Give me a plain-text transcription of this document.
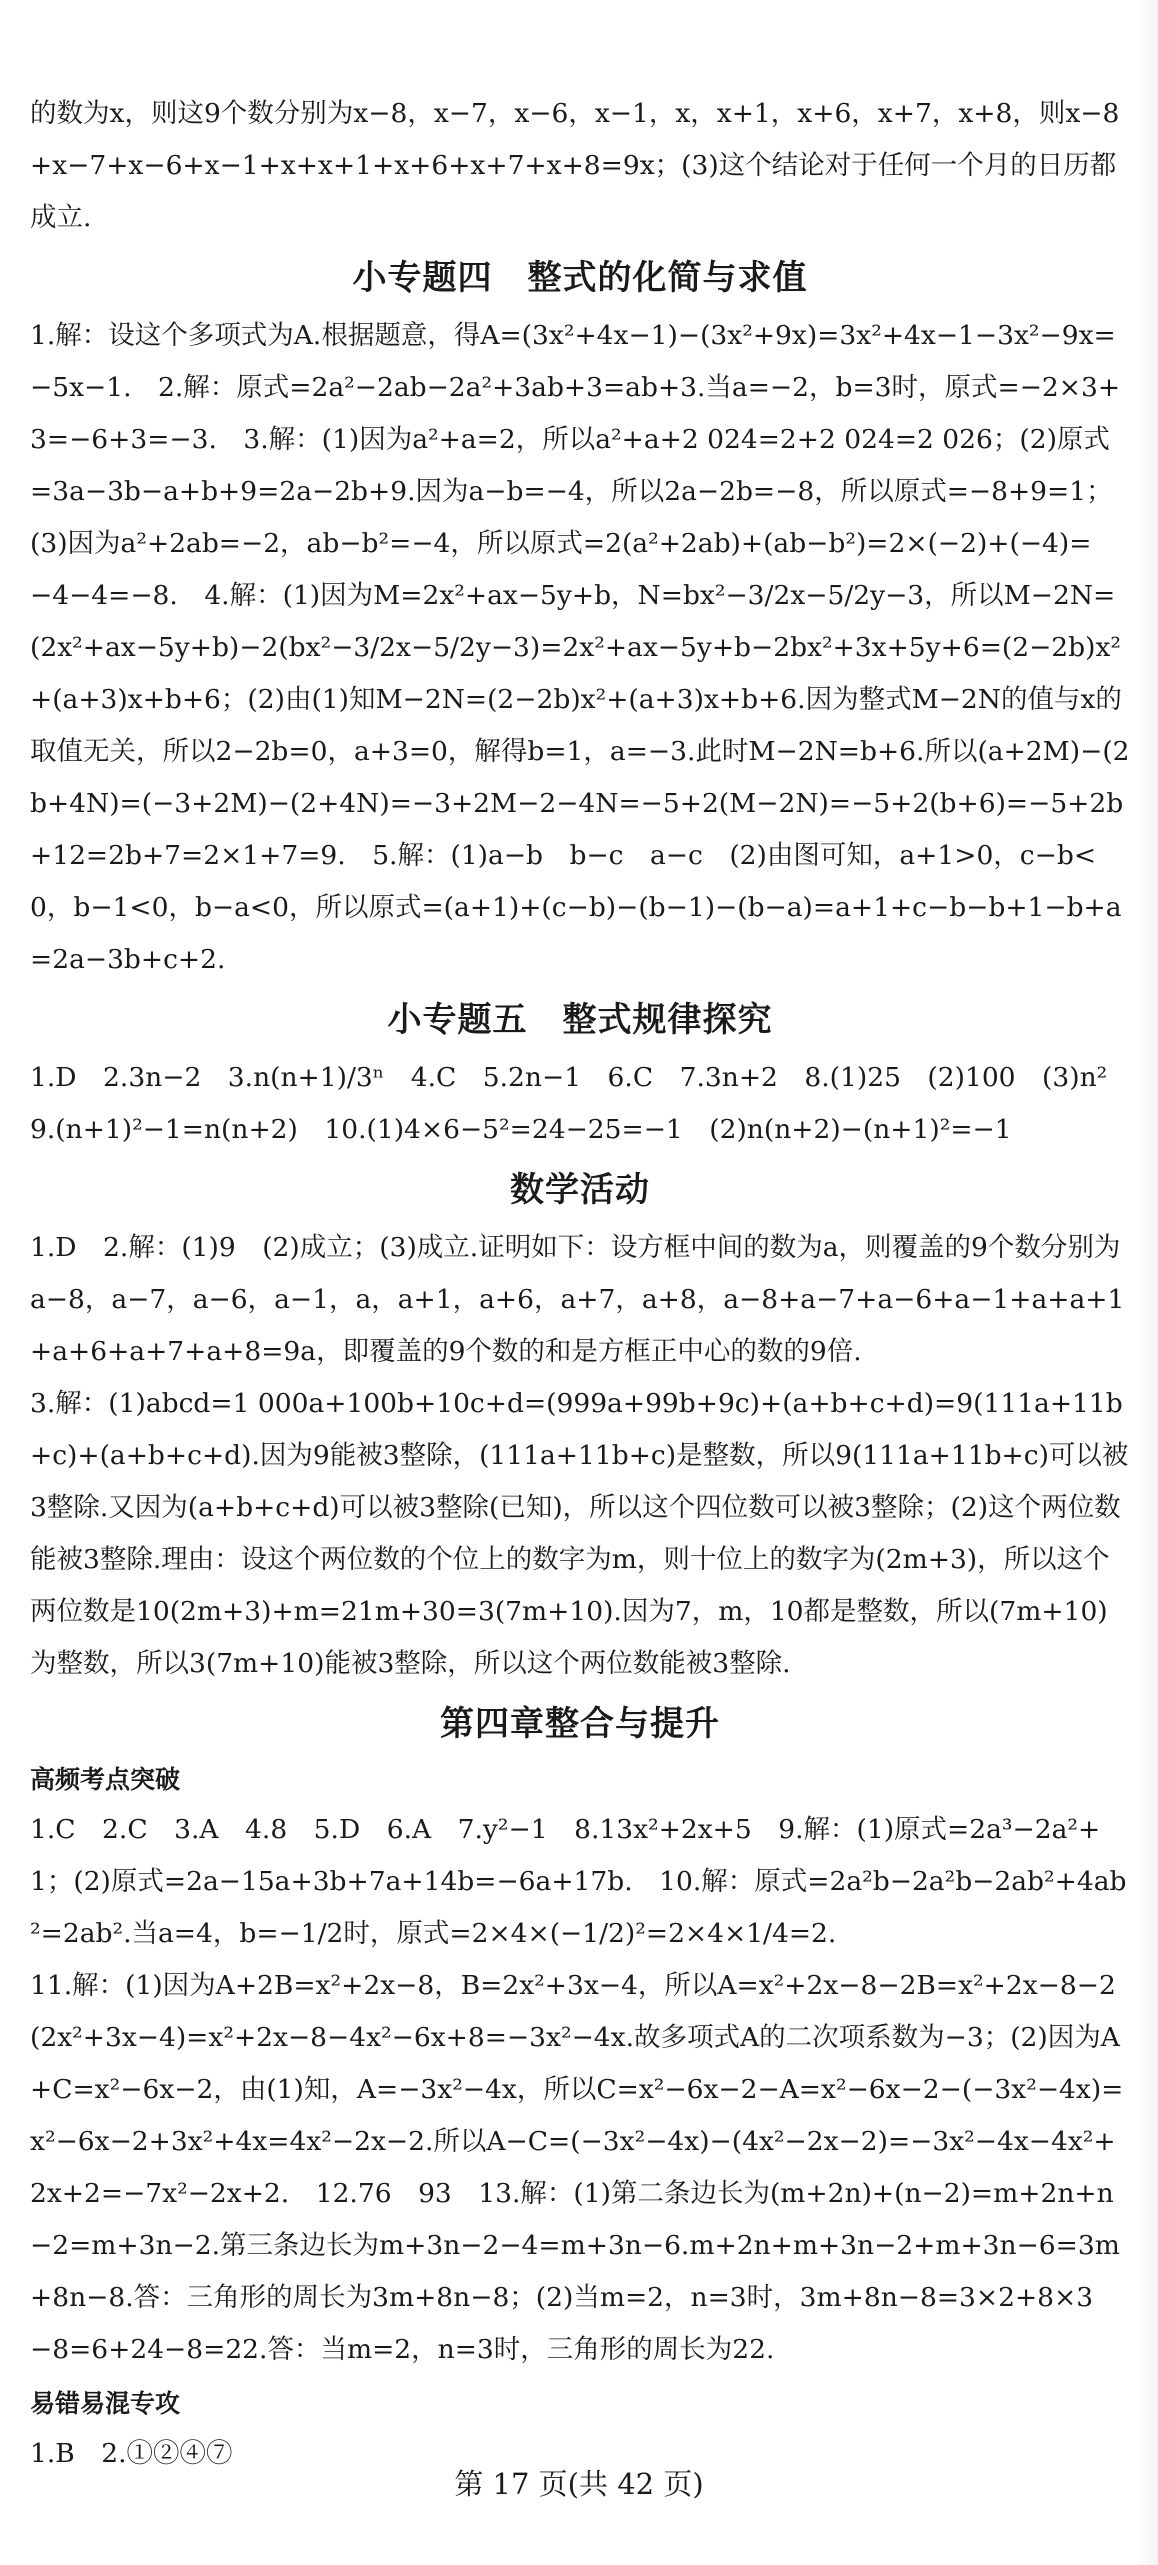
的数为x，则这9个数分别为x−8，x−7，x−6，x−1，x，x+1，x+6，x+7，x+8，则x−8+x−7+x−6+x−1+x+x+1+x+6+x+7+x+8=9x；(3)这个结论对于任何一个月的日历都成立.

小专题四　整式的化简与求值

1.解：设这个多项式为A.根据题意，得A=(3x²+4x−1)−(3x²+9x)=3x²+4x−1−3x²−9x=−5x−1.　2.解：原式=2a²−2ab−2a²+3ab+3=ab+3.当a=−2，b=3时，原式=−2×3+3=−6+3=−3.　3.解：(1)因为a²+a=2，所以a²+a+2 024=2+2 024=2 026；(2)原式=3a−3b−a+b+9=2a−2b+9.因为a−b=−4，所以2a−2b=−8，所以原式=−8+9=1；(3)因为a²+2ab=−2，ab−b²=−4，所以原式=2(a²+2ab)+(ab−b²)=2×(−2)+(−4)=−4−4=−8.　4.解：(1)因为M=2x²+ax−5y+b，N=bx²−3/2x−5/2y−3，所以M−2N=(2x²+ax−5y+b)−2(bx²−3/2x−5/2y−3)=2x²+ax−5y+b−2bx²+3x+5y+6=(2−2b)x²+(a+3)x+b+6；(2)由(1)知M−2N=(2−2b)x²+(a+3)x+b+6.因为整式M−2N的值与x的取值无关，所以2−2b=0，a+3=0，解得b=1，a=−3.此时M−2N=b+6.所以(a+2M)−(2b+4N)=(−3+2M)−(2+4N)=−3+2M−2−4N=−5+2(M−2N)=−5+2(b+6)=−5+2b+12=2b+7=2×1+7=9.　5.解：(1)a−b　b−c　a−c　(2)由图可知，a+1>0，c−b<0，b−1<0，b−a<0，所以原式=(a+1)+(c−b)−(b−1)−(b−a)=a+1+c−b−b+1−b+a=2a−3b+c+2.

小专题五　整式规律探究

1.D　2.3n−2　3.n(n+1)/3ⁿ　4.C　5.2n−1　6.C　7.3n+2　8.(1)25　(2)100　(3)n²　9.(n+1)²−1=n(n+2)　10.(1)4×6−5²=24−25=−1　(2)n(n+2)−(n+1)²=−1

数学活动

1.D　2.解：(1)9　(2)成立；(3)成立.证明如下：设方框中间的数为a，则覆盖的9个数分别为a−8，a−7，a−6，a−1，a，a+1，a+6，a+7，a+8，a−8+a−7+a−6+a−1+a+a+1+a+6+a+7+a+8=9a，即覆盖的9个数的和是方框正中心的数的9倍.

3.解：(1)abcd=1 000a+100b+10c+d=(999a+99b+9c)+(a+b+c+d)=9(111a+11b+c)+(a+b+c+d).因为9能被3整除，(111a+11b+c)是整数，所以9(111a+11b+c)可以被3整除.又因为(a+b+c+d)可以被3整除(已知)，所以这个四位数可以被3整除；(2)这个两位数能被3整除.理由：设这个两位数的个位上的数字为m，则十位上的数字为(2m+3)，所以这个两位数是10(2m+3)+m=21m+30=3(7m+10).因为7，m，10都是整数，所以(7m+10)为整数，所以3(7m+10)能被3整除，所以这个两位数能被3整除.

第四章整合与提升
高频考点突破

1.C　2.C　3.A　4.8　5.D　6.A　7.y²−1　8.13x²+2x+5　9.解：(1)原式=2a³−2a²+1；(2)原式=2a−15a+3b+7a+14b=−6a+17b.　10.解：原式=2a²b−2a²b−2ab²+4ab²=2ab².当a=4，b=−1/2时，原式=2×4×(−1/2)²=2×4×1/4=2.

11.解：(1)因为A+2B=x²+2x−8，B=2x²+3x−4，所以A=x²+2x−8−2B=x²+2x−8−2(2x²+3x−4)=x²+2x−8−4x²−6x+8=−3x²−4x.故多项式A的二次项系数为−3；(2)因为A+C=x²−6x−2，由(1)知，A=−3x²−4x，所以C=x²−6x−2−A=x²−6x−2−(−3x²−4x)=x²−6x−2+3x²+4x=4x²−2x−2.所以A−C=(−3x²−4x)−(4x²−2x−2)=−3x²−4x−4x²+2x+2=−7x²−2x+2.　12.76　93　13.解：(1)第二条边长为(m+2n)+(n−2)=m+2n+n−2=m+3n−2.第三条边长为m+3n−2−4=m+3n−6.m+2n+m+3n−2+m+3n−6=3m+8n−8.答：三角形的周长为3m+8n−8；(2)当m=2，n=3时，3m+8n−8=3×2+8×3−8=6+24−8=22.答：当m=2，n=3时，三角形的周长为22.

易错易混专攻

1.B　2.①②④⑦

第 17 页(共 42 页)
